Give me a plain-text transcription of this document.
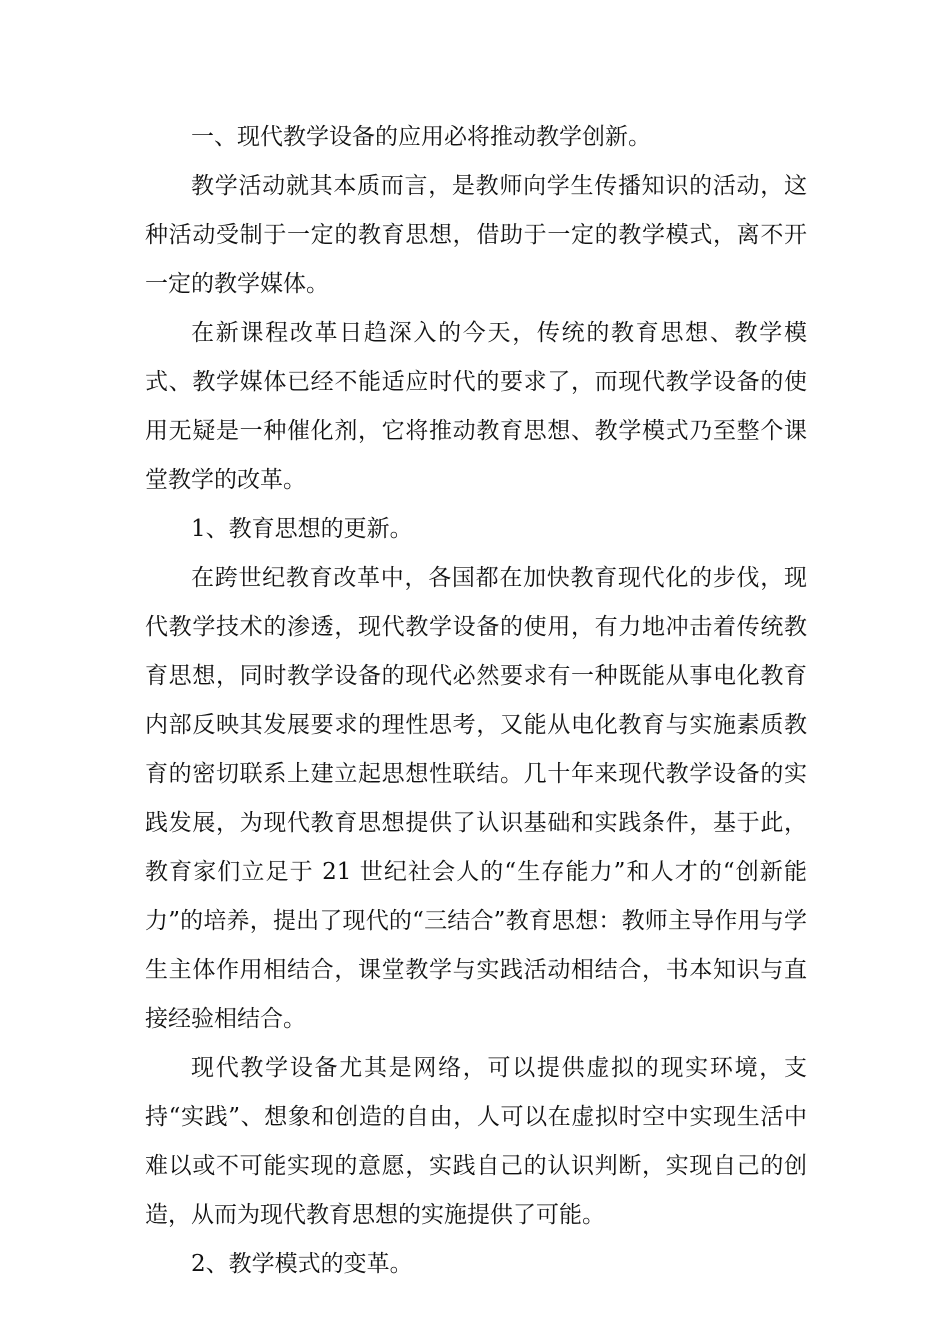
一、现代教学设备的应用必将推动教学创新。

教学活动就其本质而言，是教师向学生传播知识的活动，这种活动受制于一定的教育思想，借助于一定的教学模式，离不开一定的教学媒体。

在新课程改革日趋深入的今天，传统的教育思想、教学模式、教学媒体已经不能适应时代的要求了，而现代教学设备的使用无疑是一种催化剂，它将推动教育思想、教学模式乃至整个课堂教学的改革。

1、教育思想的更新。

在跨世纪教育改革中，各国都在加快教育现代化的步伐，现代教学技术的渗透，现代教学设备的使用，有力地冲击着传统教育思想，同时教学设备的现代必然要求有一种既能从事电化教育内部反映其发展要求的理性思考，又能从电化教育与实施素质教育的密切联系上建立起思想性联结。几十年来现代教学设备的实践发展，为现代教育思想提供了认识基础和实践条件，基于此，教育家们立足于 21 世纪社会人的“生存能力”和人才的“创新能力”的培养，提出了现代的“三结合”教育思想：教师主导作用与学生主体作用相结合，课堂教学与实践活动相结合，书本知识与直接经验相结合。

现代教学设备尤其是网络，可以提供虚拟的现实环境，支持“实践”、想象和创造的自由，人可以在虚拟时空中实现生活中难以或不可能实现的意愿，实践自己的认识判断，实现自己的创造，从而为现代教育思想的实施提供了可能。

2、教学模式的变革。
